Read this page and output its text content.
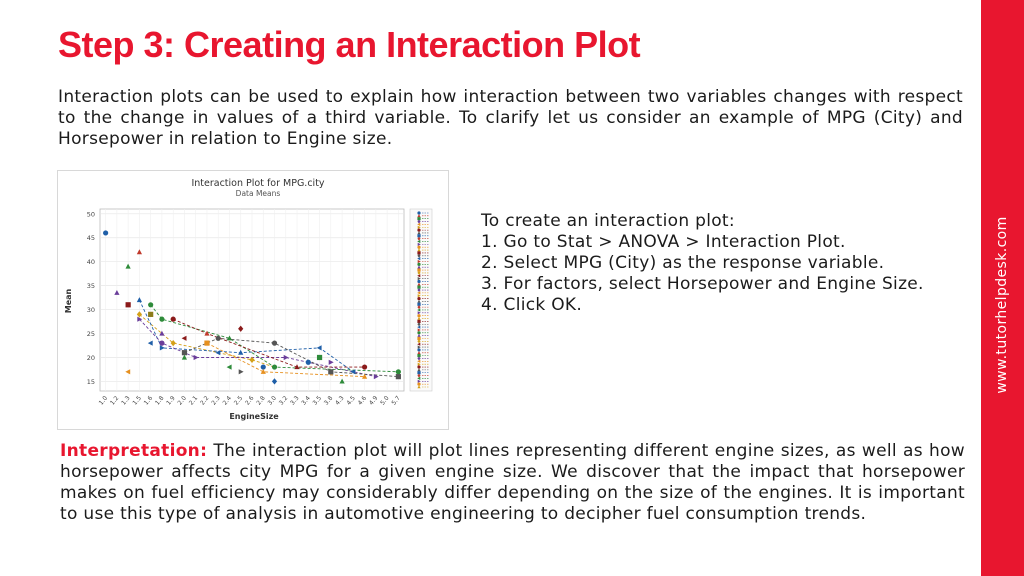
Step 3: Creating an Interaction Plot

Interaction plots can be used to explain how interaction between two variables changes with respect to the change in values of a third variable. To clarify let us consider an example of MPG (City) and Horsepower in relation to Engine size.

Interaction Plot for MPG.city
Data Means
Mean
EngineSize
15
20
25
30
35
40
45
50
1.0 1.2 1.3 1.5 1.6 1.8 1.9 2.0 2.1 2.2 2.3 2.4 2.5 2.6 2.8 3.0 3.2 3.3 3.4 3.5 3.8 4.3 4.5 4.6 4.9 5.0 5.7
To create an interaction plot:
1. Go to Stat > ANOVA > Interaction Plot.
2. Select MPG (City) as the response variable.
3. For factors, select Horsepower and Engine Size.
4. Click OK.

Interpretation: The interaction plot will plot lines representing different engine sizes, as well as how horsepower affects city MPG for a given engine size. We discover that the impact that horsepower makes on fuel efficiency may considerably differ depending on the size of the engines. It is important to use this type of analysis in automotive engineering to decipher fuel consumption trends.

www.tutorhelpdesk.com
